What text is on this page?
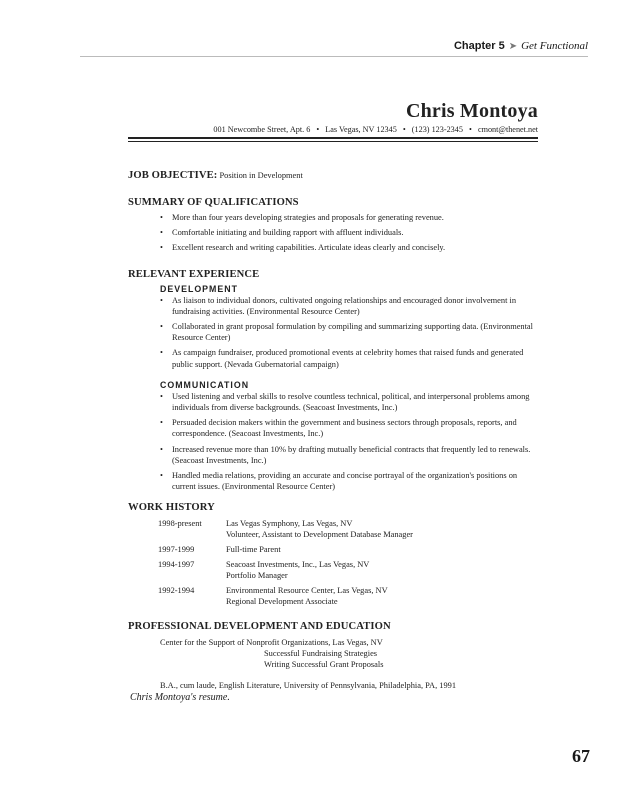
Chapter 5 ➤ Get Functional
Chris Montoya
001 Newcombe Street, Apt. 6 • Las Vegas, NV 12345 • (123) 123-2345 • cmont@thenet.net
JOB OBJECTIVE: Position in Development
SUMMARY OF QUALIFICATIONS
• More than four years developing strategies and proposals for generating revenue.
• Comfortable initiating and building rapport with affluent individuals.
• Excellent research and writing capabilities. Articulate ideas clearly and concisely.
RELEVANT EXPERIENCE
DEVELOPMENT
• As liaison to individual donors, cultivated ongoing relationships and encouraged donor involvement in fundraising activities. (Environmental Resource Center)
• Collaborated in grant proposal formulation by compiling and summarizing supporting data. (Environmental Resource Center)
• As campaign fundraiser, produced promotional events at celebrity homes that raised funds and generated public support. (Nevada Gubernatorial campaign)
COMMUNICATION
• Used listening and verbal skills to resolve countless technical, political, and interpersonal problems among individuals from diverse backgrounds. (Seacoast Investments, Inc.)
• Persuaded decision makers within the government and business sectors through proposals, reports, and correspondence. (Seacoast Investments, Inc.)
• Increased revenue more than 10% by drafting mutually beneficial contracts that frequently led to renewals. (Seacoast Investments, Inc.)
• Handled media relations, providing an accurate and concise portrayal of the organization's positions on current issues. (Environmental Resource Center)
WORK HISTORY
1998-present	Las Vegas Symphony, Las Vegas, NV
	Volunteer, Assistant to Development Database Manager

1997-1999	Full-time Parent

1994-1997	Seacoast Investments, Inc., Las Vegas, NV
	Portfolio Manager

1992-1994	Environmental Resource Center, Las Vegas, NV
	Regional Development Associate
PROFESSIONAL DEVELOPMENT AND EDUCATION
Center for the Support of Nonprofit Organizations, Las Vegas, NV
Successful Fundraising Strategies
Writing Successful Grant Proposals
B.A., cum laude, English Literature, University of Pennsylvania, Philadelphia, PA, 1991
Chris Montoya's resume.
67
